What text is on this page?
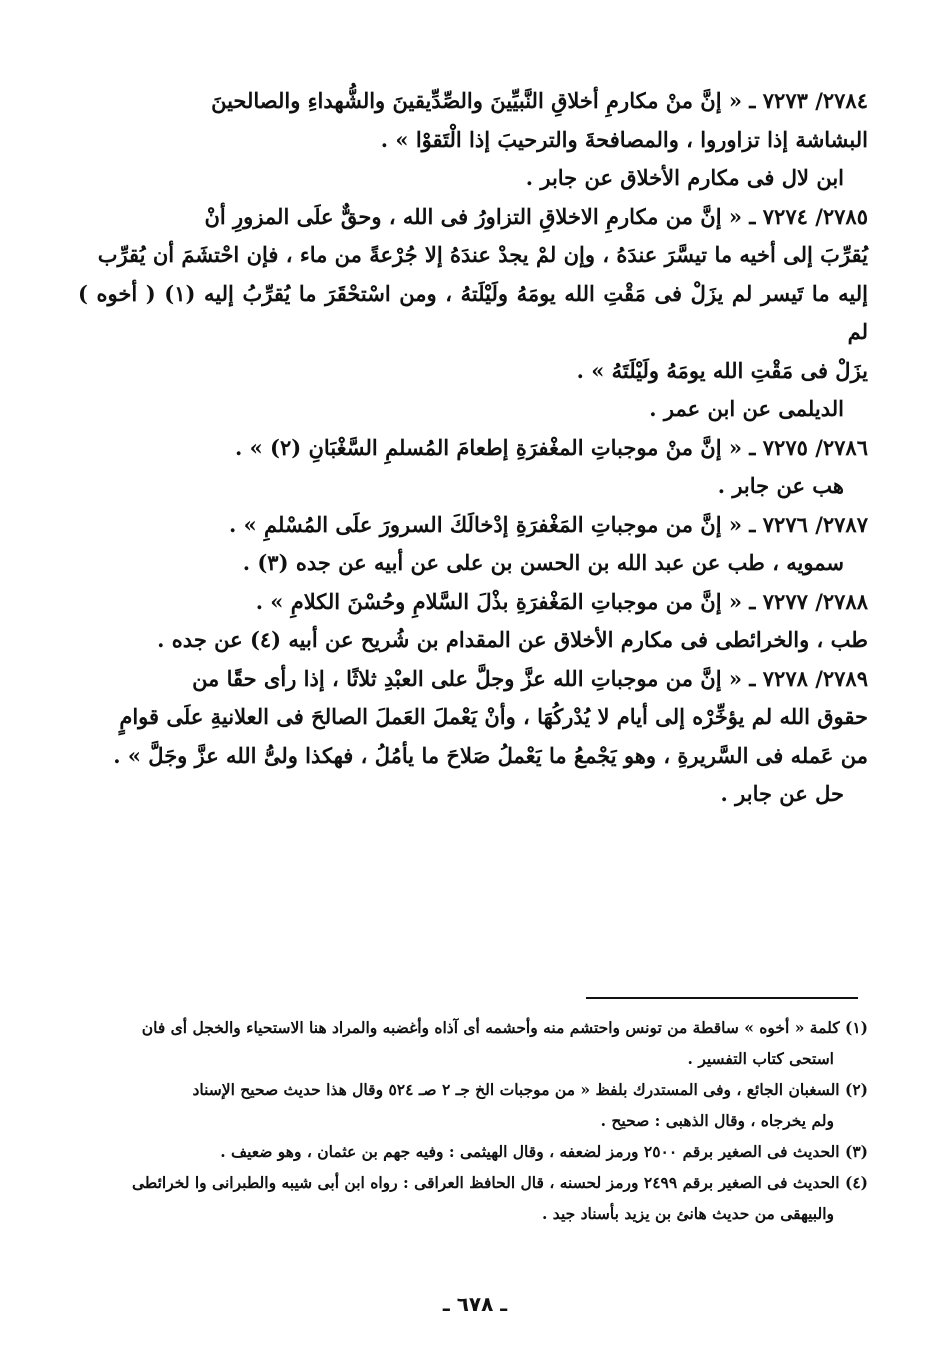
٢٧٨٤/ ٧٢٧٣ ـ « إنَّ منْ مكارمِ أخلاقِ النَّبيِّينَ والصِّدِّيقينَ والشُّهداءِ والصالحينَ

البشاشة إذا تزاوروا ، والمصافحةَ والترحيبَ إذا الْتَقوْا » .

ابن لال فى مكارم الأخلاق عن جابر .

٢٧٨٥/ ٧٢٧٤ ـ « إنَّ من مكارمِ الاخلاقِ التزاورُ فى الله ، وحقٌّ علَى المزورِ أنْ

يُقرِّبَ إلى أخيه ما تيسَّرَ عندَهُ ، وإن لمْ يجدْ عندَهُ إلا جُرْعةً من ماء ، فإن احْتشَمَ أن يُقرِّب

إليه ما تَيسر لم يزَلْ فى مَقْتِ الله يومَهُ ولَيْلَتهُ ، ومن اسْتحْقَرَ ما يُقرِّبُ إليه (١) ( أخوه ) لم

يزَلْ فى مَقْتِ الله يومَهُ ولَيْلَتَهُ » .

الديلمى عن ابن عمر .

٢٧٨٦/ ٧٢٧٥ ـ « إنَّ منْ موجباتِ المغْفرَةِ إطعامَ المُسلمِ السَّغْبَانِ (٢) » .

هب عن جابر .

٢٧٨٧/ ٧٢٧٦ ـ « إنَّ من موجباتِ المَغْفرَةِ إدْخالَكَ السرورَ علَى المُسْلمِ » .

سمويه ، طب عن عبد الله بن الحسن بن على عن أبيه عن جده (٣) .

٢٧٨٨/ ٧٢٧٧ ـ « إنَّ من موجباتِ المَغْفرَةِ بذْلَ السَّلامِ وحُسْنَ الكلامِ » .

طب ، والخرائطى فى مكارم الأخلاق عن المقدام بن شُريح عن أبيه (٤) عن جده .

٢٧٨٩/ ٧٢٧٨ ـ « إنَّ من موجباتِ الله عزَّ وجلَّ على العبْدِ ثلاثًا ، إذا رأى حقًا من

حقوق الله لم يؤخِّرْه إلى أيام لا يُدْركُهَا ، وأنْ يَعْملَ العَملَ الصالحَ فى العلانيةِ علَى قوامٍ

من عَمله فى السَّريرةِ ، وهو يَجْمعُ ما يَعْملُ صَلاحَ ما يأمُلُ ، فهكذا ولىُّ الله عزَّ وجَلَّ » .

حل عن جابر .

(١) كلمة « أخوه » ساقطة من تونس واحتشم منه وأحشمه أى آذاه وأغضبه والمراد هنا الاستحياء والخجل أى فان

استحى كتاب التفسير .

(٢) السغبان الجائع ، وفى المستدرك بلفظ « من موجبات الخ جـ ٢ صـ ٥٢٤ وقال هذا حديث صحيح الإسناد

ولم يخرجاه ، وقال الذهبى : صحيح .

(٣) الحديث فى الصغير برقم ٢٥٠٠ ورمز لضعفه ، وقال الهيثمى : وفيه جهم بن عثمان ، وهو ضعيف .

(٤) الحديث فى الصغير برقم ٢٤٩٩ ورمز لحسنه ، قال الحافظ العراقى : رواه ابن أبى شيبه والطبرانى وا لخرائطى

والبيهقى من حديث هانئ بن يزيد بأسناد جيد .

ـ ٦٧٨ ـ
